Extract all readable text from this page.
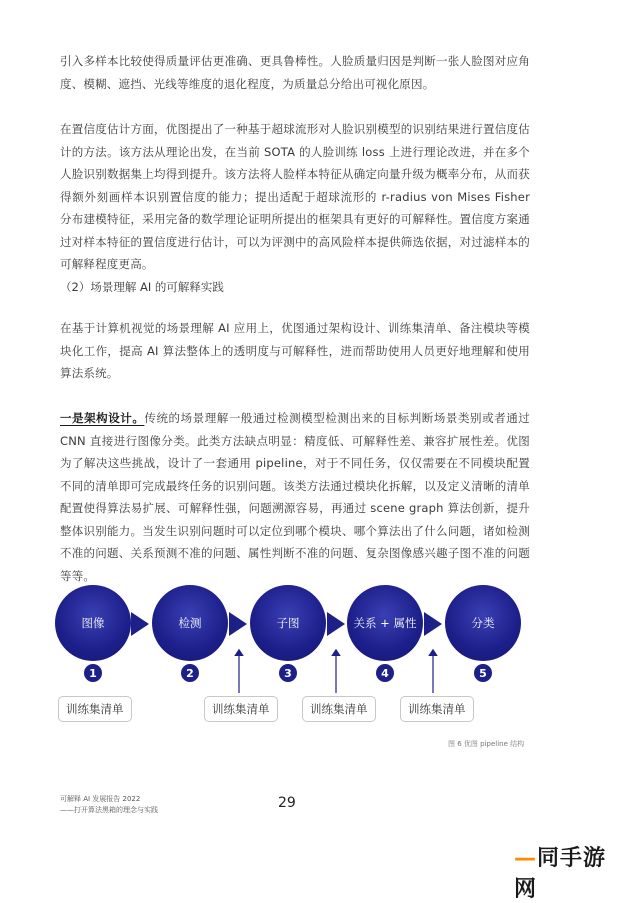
引入多样本比较使得质量评估更准确、更具鲁棒性。人脸质量归因是判断一张人脸图对应角度、模糊、遮挡、光线等维度的退化程度，为质量总分给出可视化原因。

在置信度估计方面，优图提出了一种基于超球流形对人脸识别模型的识别结果进行置信度估计的方法。该方法从理论出发，在当前 SOTA 的人脸训练 loss 上进行理论改进，并在多个人脸识别数据集上均得到提升。该方法将人脸样本特征从确定向量升级为概率分布，从而获得额外刻画样本识别置信度的能力；提出适配于超球流形的 r-radius von Mises Fisher 分布建模特征，采用完备的数学理论证明所提出的框架具有更好的可解释性。置信度方案通过对样本特征的置信度进行估计，可以为评测中的高风险样本提供筛选依据，对过滤样本的可解释程度更高。

（2）场景理解 AI 的可解释实践

在基于计算机视觉的场景理解 AI 应用上，优图通过架构设计、训练集清单、备注模块等模块化工作，提高 AI 算法整体上的透明度与可解释性，进而帮助使用人员更好地理解和使用算法系统。

一是架构设计。传统的场景理解一般通过检测模型检测出来的目标判断场景类别或者通过 CNN 直接进行图像分类。此类方法缺点明显：精度低、可解释性差、兼容扩展性差。优图为了解决这些挑战，设计了一套通用 pipeline，对于不同任务，仅仅需要在不同模块配置不同的清单即可完成最终任务的识别问题。该类方法通过模块化拆解，以及定义清晰的清单配置使得算法易扩展、可解释性强，问题溯源容易，再通过 scene graph 算法创新，提升整体识别能力。当发生识别问题时可以定位到哪个模块、哪个算法出了什么问题，诸如检测不准的问题、关系预测不准的问题、属性判断不准的问题、复杂图像感兴趣子图不准的问题等等。

图像	检测	子图	关系 + 属性	分类
1	2	3	4	5
训练集清单	训练集清单	训练集清单	训练集清单
图 6 优图 pipeline 结构
可解释 AI 发展报告 2022
——打开算法黑箱的理念与实践	29
—同手游网
